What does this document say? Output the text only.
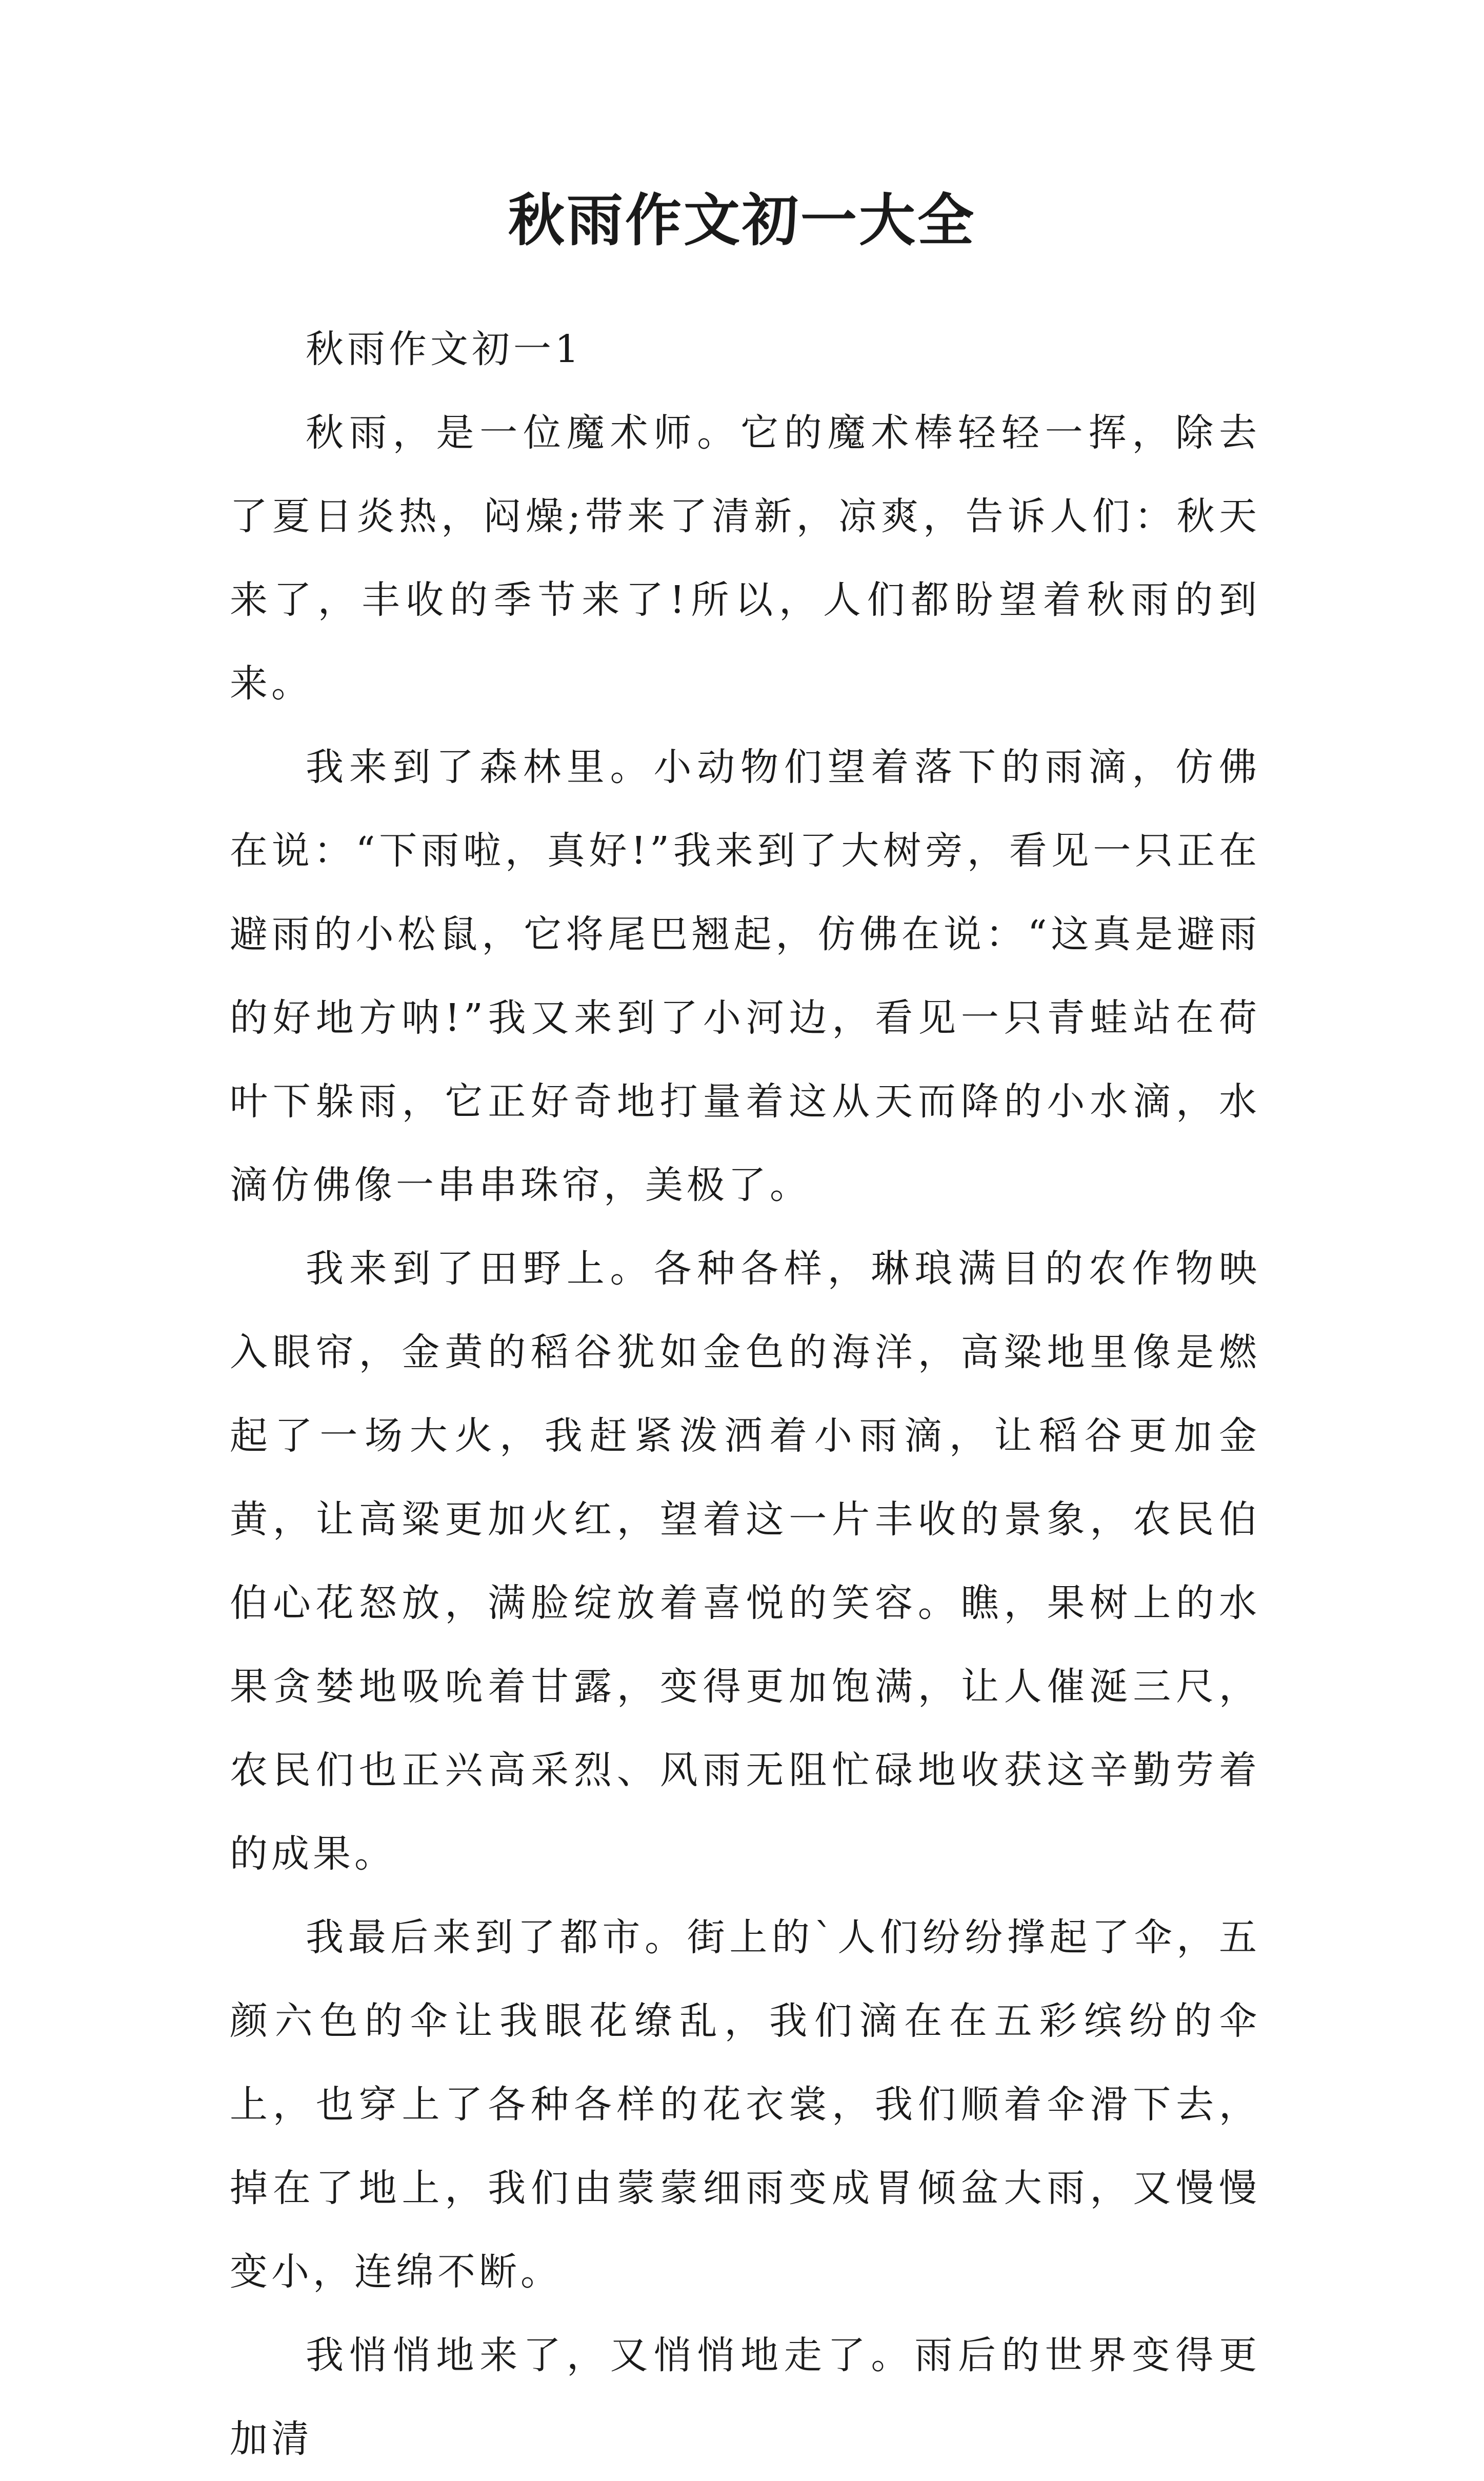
秋雨作文初一大全

秋雨作文初一1

秋雨，是一位魔术师。它的魔术棒轻轻一挥，除去了夏日炎热，闷燥;带来了清新，凉爽，告诉人们：秋天来了，丰收的季节来了!所以，人们都盼望着秋雨的到来。

我来到了森林里。小动物们望着落下的雨滴，仿佛在说：“下雨啦，真好!”我来到了大树旁，看见一只正在避雨的小松鼠，它将尾巴翘起，仿佛在说：“这真是避雨的好地方呐!”我又来到了小河边，看见一只青蛙站在荷叶下躲雨，它正好奇地打量着这从天而降的小水滴，水滴仿佛像一串串珠帘，美极了。

我来到了田野上。各种各样，琳琅满目的农作物映入眼帘，金黄的稻谷犹如金色的海洋，高粱地里像是燃起了一场大火，我赶紧泼洒着小雨滴，让稻谷更加金黄，让高粱更加火红，望着这一片丰收的景象，农民伯伯心花怒放，满脸绽放着喜悦的笑容。瞧，果树上的水果贪婪地吸吮着甘露，变得更加饱满，让人催涎三尺，农民们也正兴高采烈、风雨无阻忙碌地收获这辛勤劳着的成果。

我最后来到了都市。街上的`人们纷纷撑起了伞，五颜六色的伞让我眼花缭乱，我们滴在在五彩缤纷的伞上，也穿上了各种各样的花衣裳，我们顺着伞滑下去，掉在了地上，我们由蒙蒙细雨变成胃倾盆大雨，又慢慢变小，连绵不断。

我悄悄地来了，又悄悄地走了。雨后的世界变得更加清
